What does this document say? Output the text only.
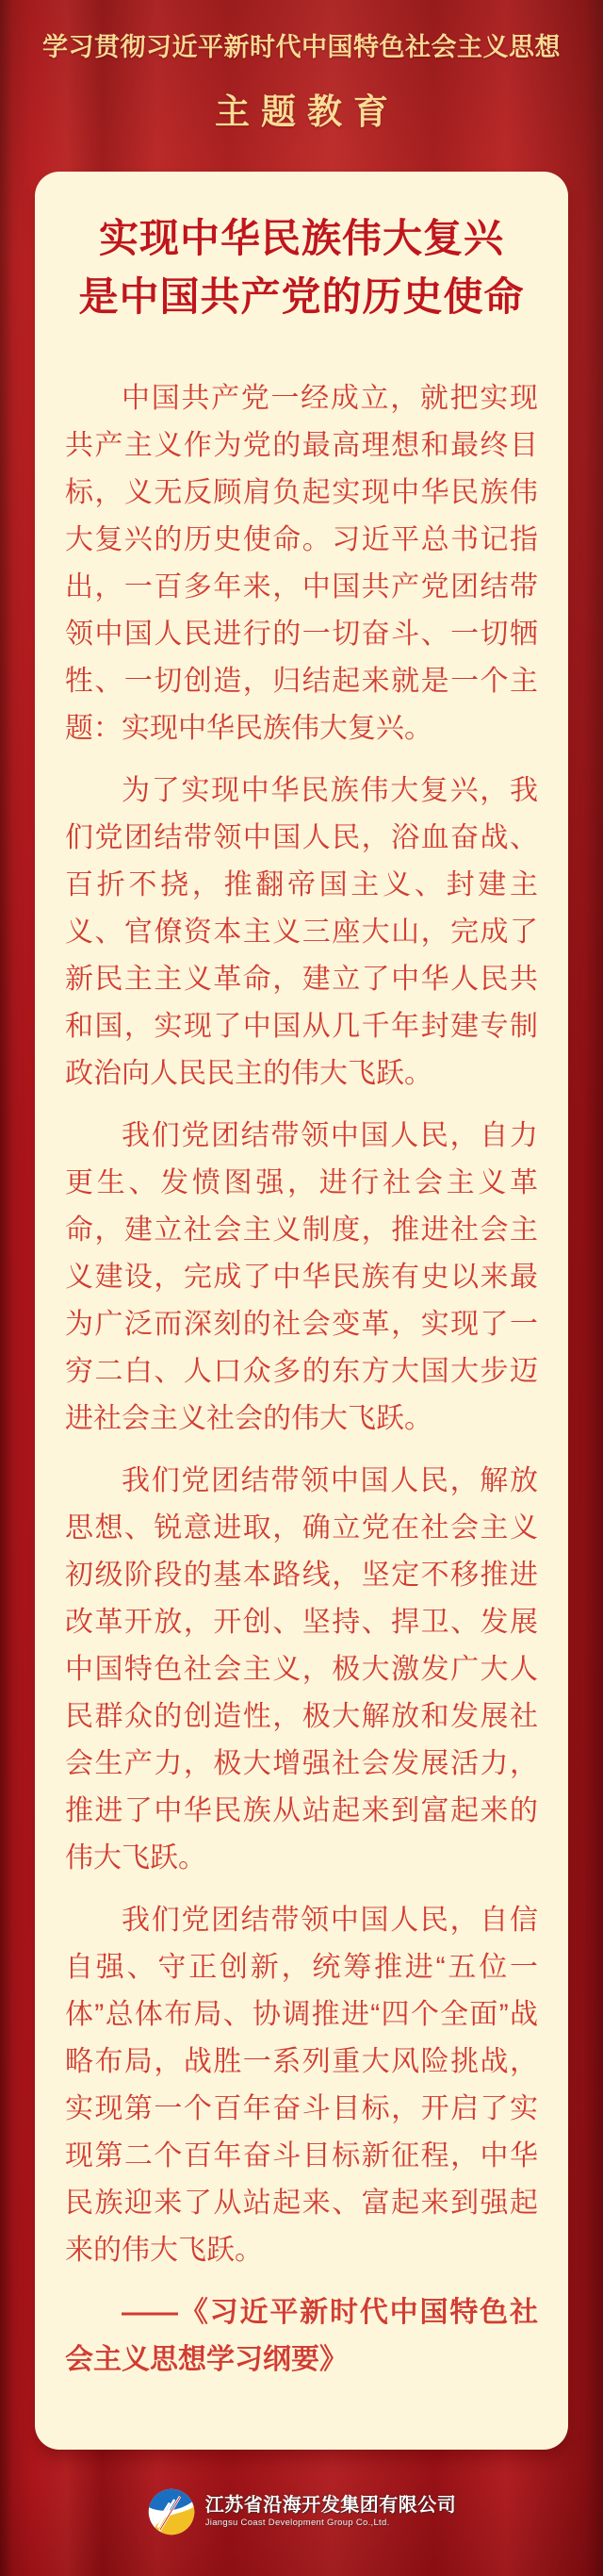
学习贯彻习近平新时代中国特色社会主义思想
主题教育
实现中华民族伟大复兴
是中国共产党的历史使命

中国共产党一经成立，就把实现共产主义作为党的最高理想和最终目标，义无反顾肩负起实现中华民族伟大复兴的历史使命。习近平总书记指出，一百多年来，中国共产党团结带领中国人民进行的一切奋斗、一切牺牲、一切创造，归结起来就是一个主题：实现中华民族伟大复兴。

为了实现中华民族伟大复兴，我们党团结带领中国人民，浴血奋战、百折不挠，推翻帝国主义、封建主义、官僚资本主义三座大山，完成了新民主主义革命，建立了中华人民共和国，实现了中国从几千年封建专制政治向人民民主的伟大飞跃。

我们党团结带领中国人民，自力更生、发愤图强，进行社会主义革命，建立社会主义制度，推进社会主义建设，完成了中华民族有史以来最为广泛而深刻的社会变革，实现了一穷二白、人口众多的东方大国大步迈进社会主义社会的伟大飞跃。

我们党团结带领中国人民，解放思想、锐意进取，确立党在社会主义初级阶段的基本路线，坚定不移推进改革开放，开创、坚持、捍卫、发展中国特色社会主义，极大激发广大人民群众的创造性，极大解放和发展社会生产力，极大增强社会发展活力，推进了中华民族从站起来到富起来的伟大飞跃。

我们党团结带领中国人民，自信自强、守正创新，统筹推进“五位一体”总体布局、协调推进“四个全面”战略布局，战胜一系列重大风险挑战，实现第一个百年奋斗目标，开启了实现第二个百年奋斗目标新征程，中华民族迎来了从站起来、富起来到强起来的伟大飞跃。

——《习近平新时代中国特色社会主义思想学习纲要》

江苏省沿海开发集团有限公司
Jiangsu Coast Development Group Co.,Ltd.
